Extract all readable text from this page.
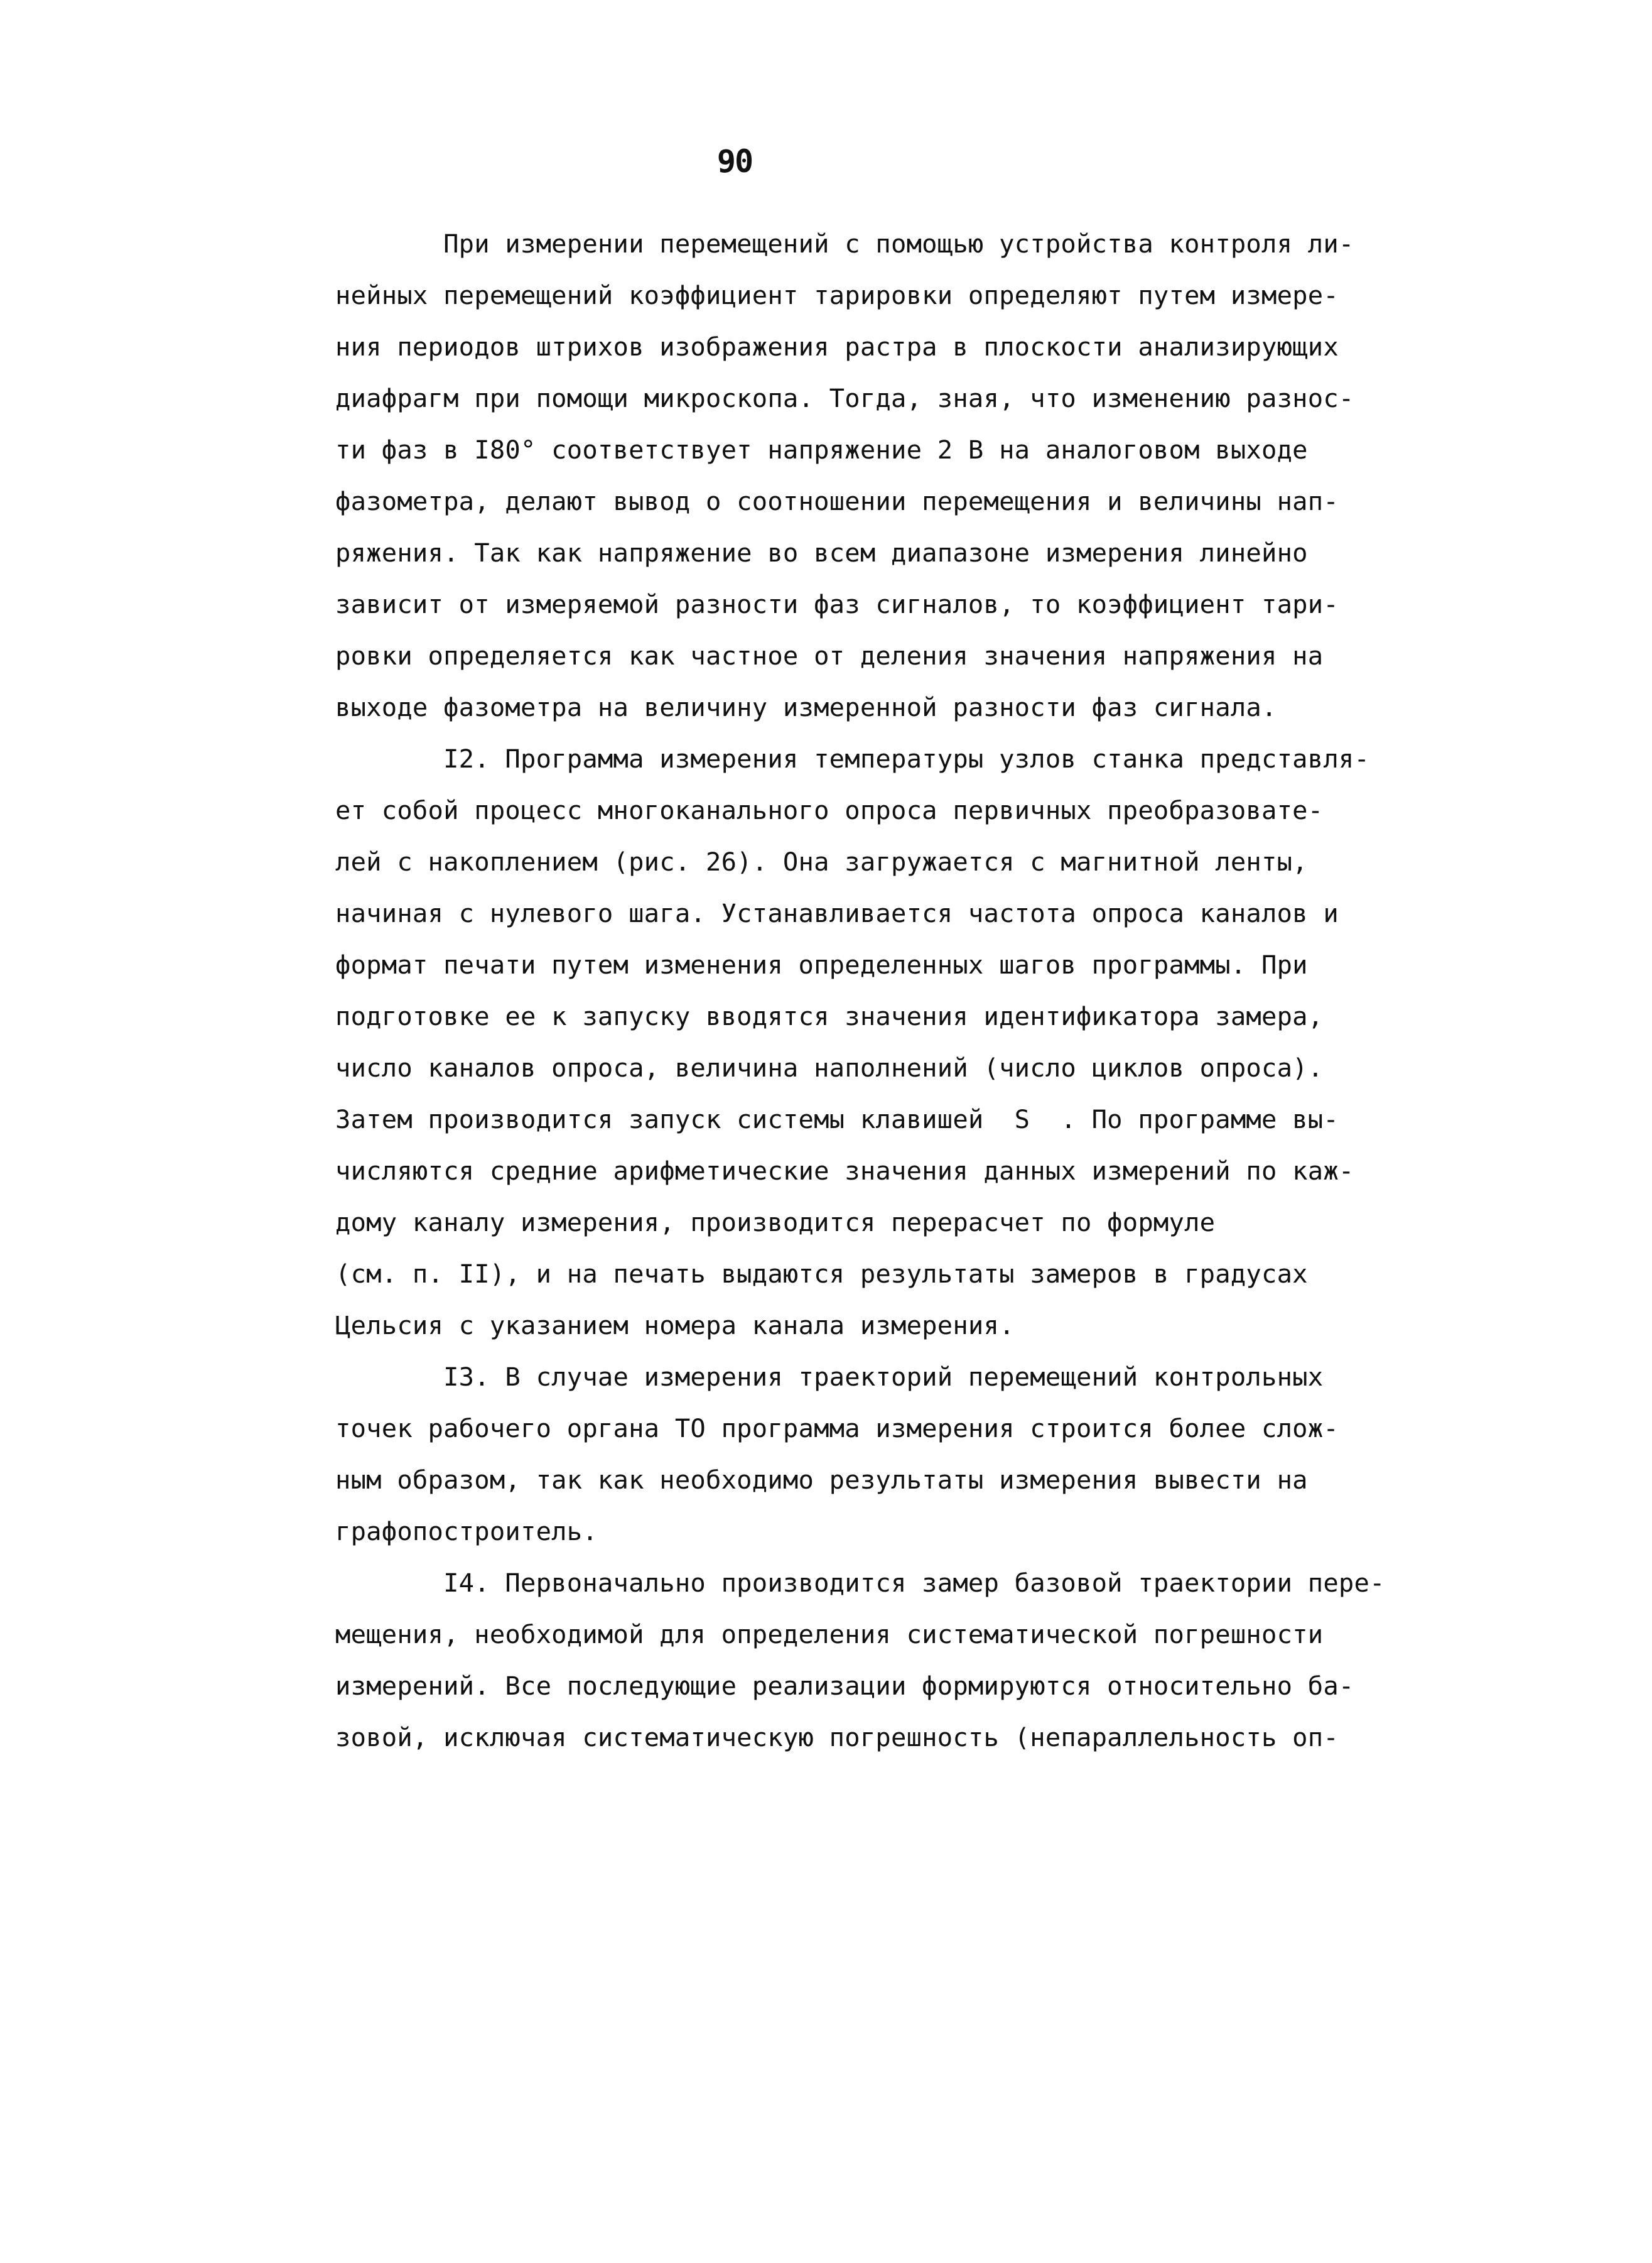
90
При измерении перемещений с помощью устройства контроля ли-
нейных перемещений коэффициент тарировки определяют путем измере-
ния периодов штрихов изображения растра в плоскости анализирующих
диафрагм при помощи микроскопа. Тогда, зная, что изменению разнос-
ти фаз в I80° соответствует напряжение 2 В на аналоговом выходе
фазометра, делают вывод о соотношении перемещения и величины нап-
ряжения. Так как напряжение во всем диапазоне измерения линейно
зависит от измеряемой разности фаз сигналов, то коэффициент тари-
ровки определяется как частное от деления значения напряжения на
выходе фазометра на величину измеренной разности фаз сигнала.
I2. Программа измерения температуры узлов станка представля-
ет собой процесс многоканального опроса первичных преобразовате-
лей с накоплением (рис. 26). Она загружается с магнитной ленты,
начиная с нулевого шага. Устанавливается частота опроса каналов и
формат печати путем изменения определенных шагов программы. При
подготовке ее к запуску вводятся значения идентификатора замера,
число каналов опроса, величина наполнений (число циклов опроса).
Затем производится запуск системы клавишей  S  . По программе вы-
числяются средние арифметические значения данных измерений по каж-
дому каналу измерения, производится перерасчет по формуле
(см. п. II), и на печать выдаются результаты замеров в градусах
Цельсия с указанием номера канала измерения.
I3. В случае измерения траекторий перемещений контрольных
точек рабочего органа ТО программа измерения строится более слож-
ным образом, так как необходимо результаты измерения вывести на
графопостроитель.
I4. Первоначально производится замер базовой траектории пере-
мещения, необходимой для определения систематической погрешности
измерений. Все последующие реализации формируются относительно ба-
зовой, исключая систематическую погрешность (непараллельность оп-
